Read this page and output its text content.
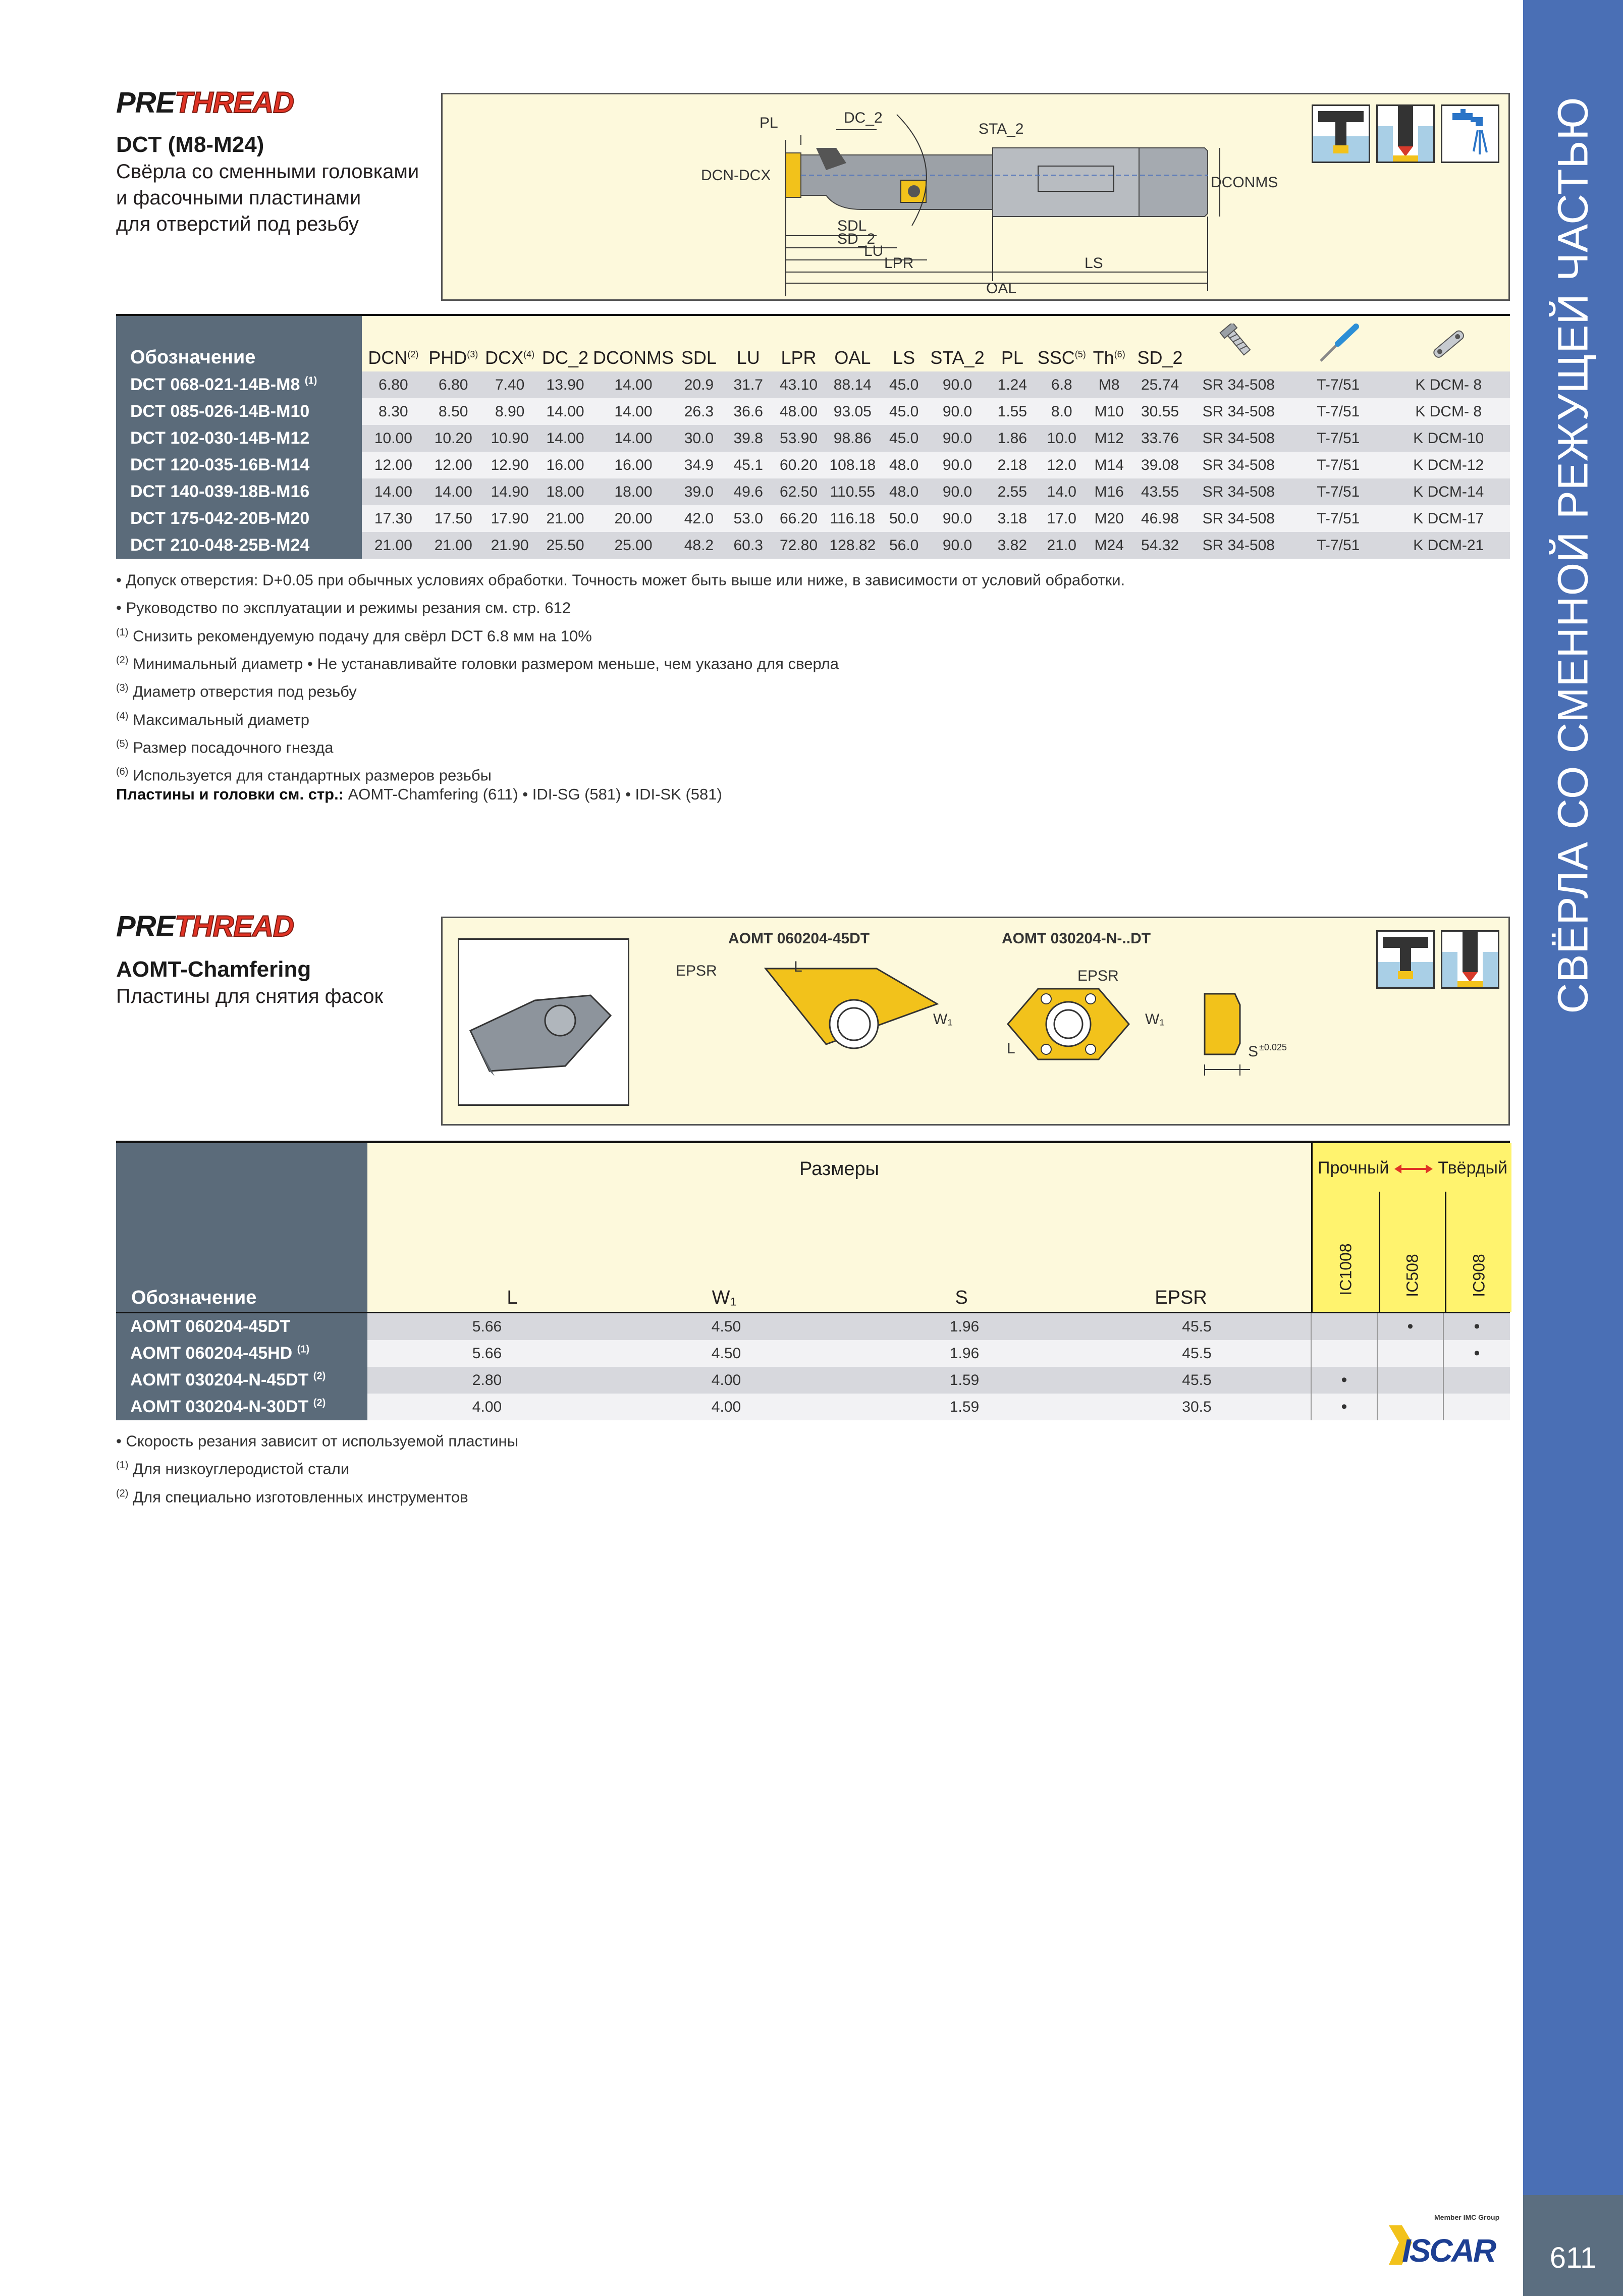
СВЁРЛА СО СМЕННОЙ РЕЖУЩЕЙ ЧАСТЬЮ
611
Member IMC Group
ISCAR
PRETHREAD
DCT (M8-M24)
Свёрла со сменными головками
и фасочными пластинами
для отверстий под резьбу
PL	DC_2
STA_2
DCN-DCX	DCONMS
SDL
SD_2
LU
LPR	LS
OAL
Обозначение	DCN$^{(2)}$	PHD$^{(3)}$	DCX$^{(4)}$	DC_2	DCONMS	SDL	LU	LPR	OAL	LS	STA_2	PL	SSC$^{(5)}$	Th$^{(6)}$	SD_2			
DCT 068-021-14B-M8 $^{(1)}$	6.80	6.80	7.40	13.90	14.00	20.9	31.7	43.10	88.14	45.0	90.0	1.24	6.8	M8	25.74	SR 34-508	T-7/51	K DCM- 8
DCT 085-026-14B-M10	8.30	8.50	8.90	14.00	14.00	26.3	36.6	48.00	93.05	45.0	90.0	1.55	8.0	M10	30.55	SR 34-508	T-7/51	K DCM- 8
DCT 102-030-14B-M12	10.00	10.20	10.90	14.00	14.00	30.0	39.8	53.90	98.86	45.0	90.0	1.86	10.0	M12	33.76	SR 34-508	T-7/51	K DCM-10
DCT 120-035-16B-M14	12.00	12.00	12.90	16.00	16.00	34.9	45.1	60.20	108.18	48.0	90.0	2.18	12.0	M14	39.08	SR 34-508	T-7/51	K DCM-12
DCT 140-039-18B-M16	14.00	14.00	14.90	18.00	18.00	39.0	49.6	62.50	110.55	48.0	90.0	2.55	14.0	M16	43.55	SR 34-508	T-7/51	K DCM-14
DCT 175-042-20B-M20	17.30	17.50	17.90	21.00	20.00	42.0	53.0	66.20	116.18	50.0	90.0	3.18	17.0	M20	46.98	SR 34-508	T-7/51	K DCM-17
DCT 210-048-25B-M24	21.00	21.00	21.90	25.50	25.00	48.2	60.3	72.80	128.82	56.0	90.0	3.82	21.0	M24	54.32	SR 34-508	T-7/51	K DCM-21
• Допуск отверстия: D+0.05 при обычных условиях обработки. Точность может быть выше или ниже, в зависимости от условий обработки.
• Руководство по эксплуатации и режимы резания см. стр. 612
$^{(1)}$ Снизить рекомендуемую подачу для свёрл DCT 6.8 мм на 10%
$^{(2)}$ Минимальный диаметр • Не устанавливайте головки размером меньше, чем указано для сверла
$^{(3)}$ Диаметр отверстия под резьбу
$^{(4)}$ Максимальный диаметр
$^{(5)}$ Размер посадочного гнезда
$^{(6)}$ Используется для стандартных размеров резьбы
Пластины и головки см. стр.: AOMT-Chamfering (611) • IDI-SG (581) • IDI-SK (581)
PRETHREAD
AOMT-Chamfering
Пластины для снятия фасок
AOMT 060204-45DT	AOMT 030204-N-..DT
EPSR	L
W₁
EPSR
W₁
L	S ±0.025
Обозначение
Размеры
L	W₁	S	EPSR
Прочный	Твёрдый
IC1008	IC508	IC908
AOMT 060204-45DT	5.66	4.50	1.96	45.5		•	•
AOMT 060204-45HD $^{(1)}$	5.66	4.50	1.96	45.5			•
AOMT 030204-N-45DT $^{(2)}$	2.80	4.00	1.59	45.5	•		
AOMT 030204-N-30DT $^{(2)}$	4.00	4.00	1.59	30.5	•		
• Скорость резания зависит от используемой пластины
$^{(1)}$ Для низкоуглеродистой стали
$^{(2)}$ Для специально изготовленных инструментов
